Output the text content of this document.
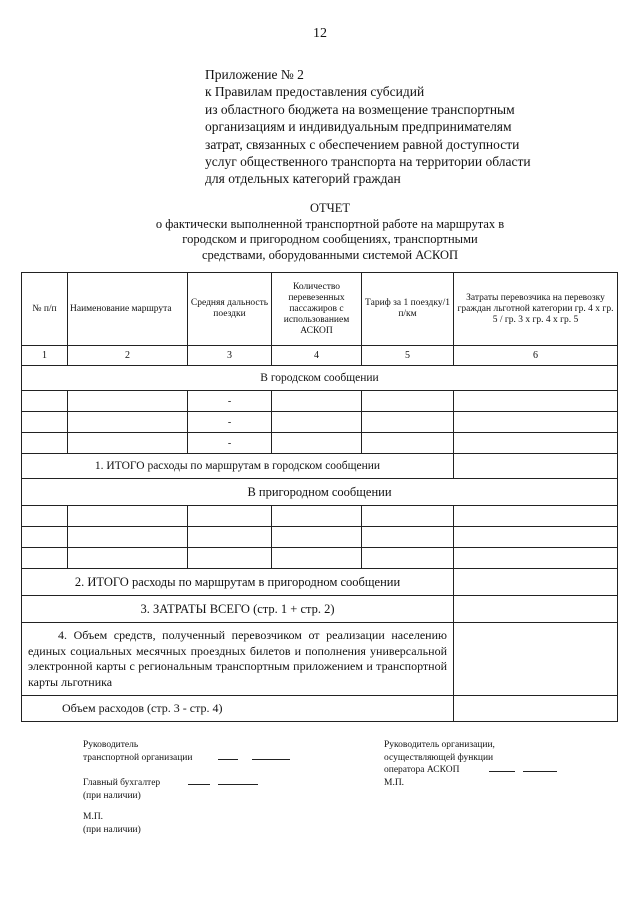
12
Приложение № 2
к Правилам предоставления субсидий
из областного бюджета на возмещение транспортным
организациям и индивидуальным предпринимателям
затрат, связанных с обеспечением равной доступности
услуг общественного транспорта на территории области
для отдельных категорий граждан
ОТЧЕТ
о фактически выполненной транспортной работе на маршрутах в
городском и пригородном сообщениях, транспортными
средствами, оборудованными системой АСКОП
№ п/п	Наименование маршрута	Средняя дальность поездки	Количество перевезенных пассажиров с использованием АСКОП	Тариф за 1 поездку/1 п/км	Затраты перевозчика на перевозку граждан льготной категории гр. 4 х гр. 5 / гр. 3 х гр. 4 х гр. 5
1	2	3	4	5	6
В городском сообщении					
		-			
		-			
		-			
1. ИТОГО расходы по маршрутам в городском сообщении					
В пригородном сообщении					

2. ИТОГО расходы по маршрутам в пригородном сообщении					
3. ЗАТРАТЫ ВСЕГО (стр. 1 + стр. 2)					
4. Объем средств, полученный перевозчиком от реализации населению единых социальных месячных проездных билетов и пополнения универсальной электронной карты с региональным транспортным приложением и транспортной карты льготника					
Объем расходов (стр. 3 - стр. 4)					
Руководитель
транспортной организации
Главный бухгалтер
(при наличии)
М.П.
(при наличии)
Руководитель организации,
осуществляющей функции
оператора АСКОП
М.П.
